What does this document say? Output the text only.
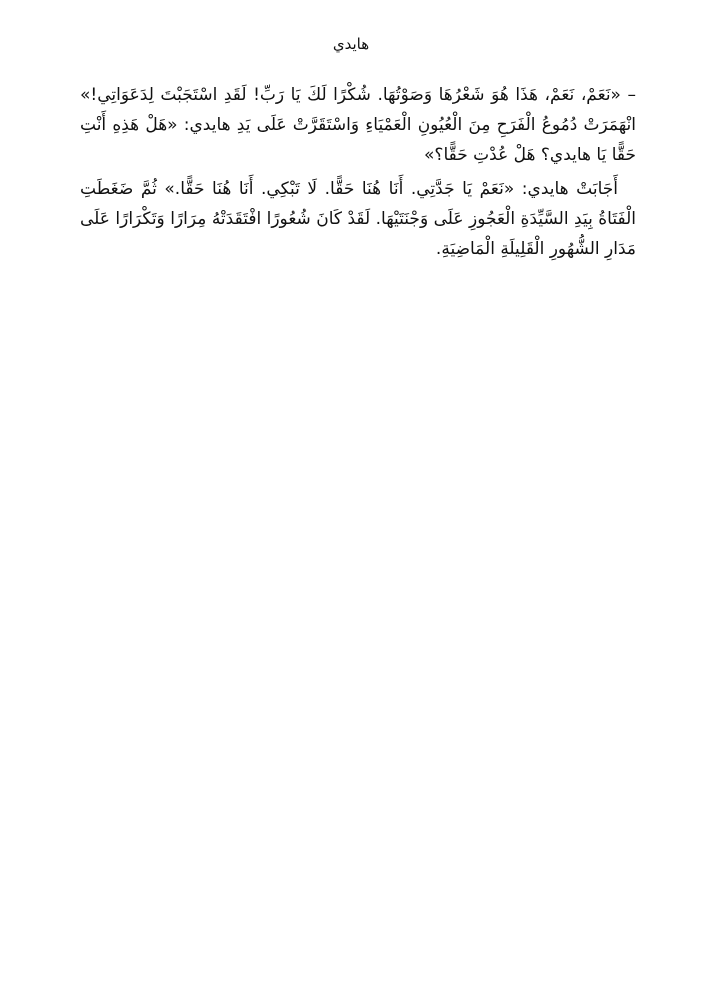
هايدي

– «نَعَمْ، نَعَمْ، هَذَا هُوَ شَعْرُهَا وَصَوْتُهَا. شُكْرًا لَكَ يَا رَبِّ! لَقَدِ اسْتَجَبْتَ لِدَعَوَاتِي!» انْهَمَرَتْ دُمُوعُ الْفَرَحِ مِنَ الْعُيُونِ الْعَمْيَاءِ وَاسْتَقَرَّتْ عَلَى يَدِ هايدي: «هَلْ هَذِهِ أَنْتِ حَقًّا يَا هايدي؟ هَلْ عُدْتِ حَقًّا؟»

أَجَابَتْ هايدي: «نَعَمْ يَا جَدَّتِي. أَنَا هُنَا حَقًّا. لَا تَبْكِي. أَنَا هُنَا حَقًّا.» ثُمَّ ضَغَطَتِ الْفَتَاةُ بِيَدِ السَّيِّدَةِ الْعَجُوزِ عَلَى وَجْنَتَيْهَا. لَقَدْ كَانَ شُعُورًا افْتَقَدَتْهُ مِرَارًا وَتَكْرَارًا عَلَى مَدَارِ الشُّهُورِ الْقَلِيلَةِ الْمَاضِيَةِ.
